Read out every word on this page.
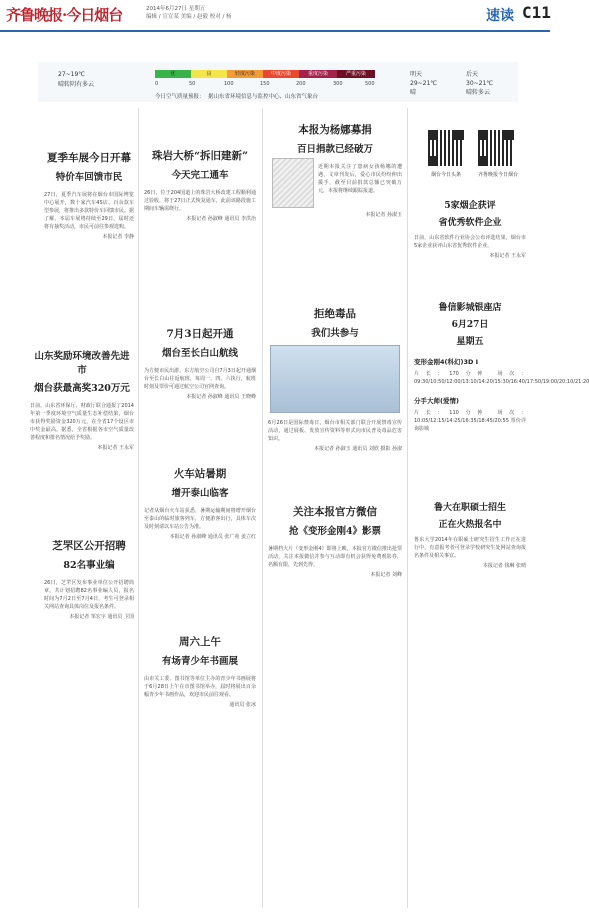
齐鲁晚报·今日烟台	2014年6月27日 星期五
编辑 / 宣宣某 美编 / 赵毅 校对 / 杨	速读 C11
27~19℃
晴转阴有多云
优	良	轻度污染	中度污染	重度污染	严重污染
0	50	100	150	200	300	500
今日空气质量预报： 据山东省环境信息与监控中心、山东省气象台
明天
29~21℃
晴
后天
30~21℃
晴转多云
夏季车展今日开幕
特价车回馈市民
27日，夏季汽车展将在烟台市国际博览中心展开，数十家汽车4S店、百余款车型参展，将推出多款特价车回馈市民。据了解，本届车展将持续至29日，届时还将有抽奖活动，市民可前往参观选购。
本报记者 李静
山东奖励环境改善先进市
烟台获最高奖320万元
日前，山东省环保厅、财政厅联合通报了2014年第一季度环境空气质量生态补偿结果，烟台市获得奖励资金320万元，在全省17个设区市中奖金最高。据悉，全省根据各市空气质量改善程度和排名情况给予奖励。
本报记者 王永军
芝罘区公开招聘
82名事业编
26日，芝罘区发布事业单位公开招聘简章，共计划招聘82名事业编人员，报名时间为7月2日至7月4日，考生可登录相关网站查询具体岗位及报名条件。
本报记者 邹宏宇 通讯员 卫国
珠岩大桥“拆旧建新”
今天完工通车
26日，位于204国道上的珠岩大桥改建工程顺利通过验收，将于27日正式恢复通车，此前该路段施工期间车辆需绕行。
本报记者 孙淑峰 通讯员 李洪治
7月3日起开通
烟台至长白山航线
为方便市民出游，东方航空公司自7月3日起开通烟台至长白山往返航班，每周一、四、六执行，航班时刻及票价可通过航空公司官网查询。
本报记者 孙淑峰 通讯员 王晓峰
火车站暑期
增开泰山临客
记者从烟台火车站获悉，暑期运输期间将增开烟台至泰山的临时旅客列车，方便游客出行，具体车次及时刻请以车站公告为准。
本报记者 孙淑峰 通讯员 张广苑 姜立红
周六上午
有场青少年书画展
由市关工委、图书馆等单位主办的青少年书画展将于6月28日上午在市图书馆举办，届时将展出百余幅青少年书画作品，欢迎市民前往观看。
通讯员 张冰
本报为杨娜募捐
百日捐款已经破万
近期本报关注了患病女孩杨娜的遭遇，文章刊发后，爱心市民纷纷伸出援手，截至目前捐款总额已突破万元，本报将继续跟踪报道。
本报记者 孙淑玉
拒绝毒品
我们共参与
6月26日是国际禁毒日，烟台市相关部门联合开展禁毒宣传活动，通过展板、发放宣传资料等形式向市民普及毒品危害知识。
本报记者 孙淑玉 通讯员 刘欣 摄影 孙淑
关注本报官方微信
抢《变形金刚4》影票
暑期档大片《变形金刚4》即将上映，本报官方微信推出抢票活动，关注本报微信并参与互动即有机会获得免费观影券，名额有限，先到先得。
本报记者 刘峰
烟台今日头条	齐鲁晚报今日烟台
5家烟企获评
省优秀软件企业
日前，山东省软件行业协会公布评选结果，烟台市5家企业获评山东省优秀软件企业。
本报记者 王永军
鲁信影城银座店
6月27日
星期五
变形金刚4(科幻)3D I
片长：170分钟 场次：09:30/10:50/12:00/13:10/14:20/15:30/16:40/17:50/19:00/20:10/21:20
分手大师(爱情)
片长：110分钟 场次：10:05/12:15/14:25/16:35/18:45/20:55 票价详询影城
鲁大在职硕士招生
正在火热报名中
鲁东大学2014年在职硕士研究生招生工作正在进行中，有意报考者可登录学校研究生处网站查询报名条件及相关事宜。
本报记者 钱琳 张晴
